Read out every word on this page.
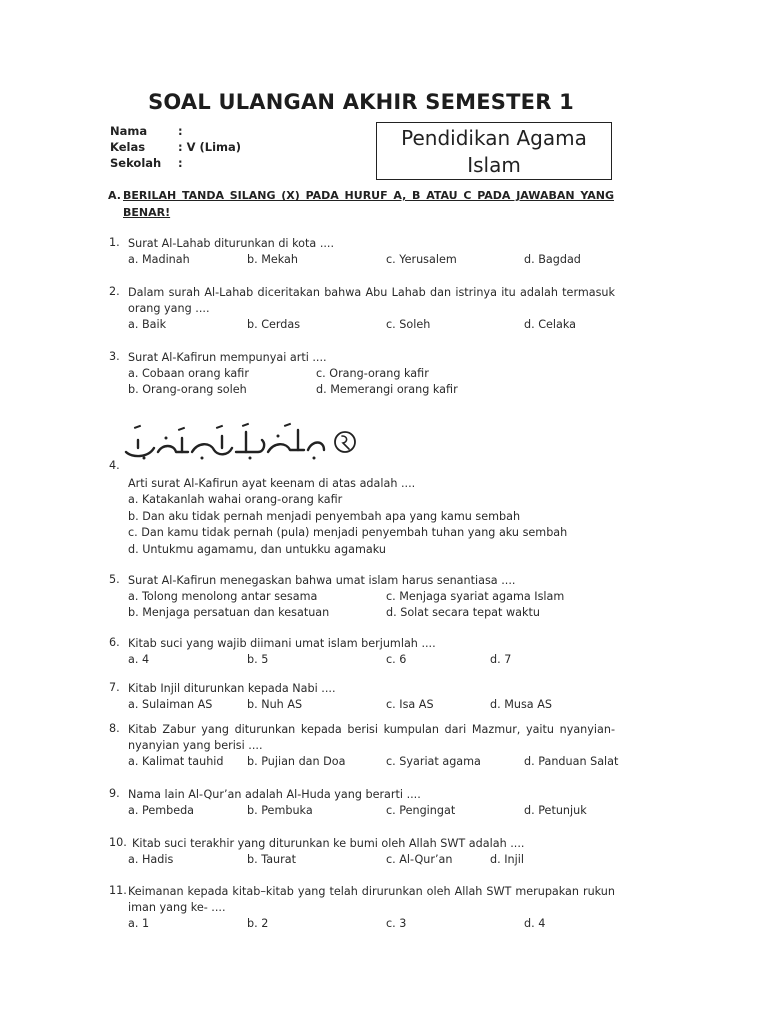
SOAL ULANGAN AKHIR SEMESTER 1
Nama	:
Kelas	: V (Lima)
Sekolah :
Pendidikan Agama
Islam
A. BERILAH TANDA SILANG (X) PADA HURUF A, B ATAU C PADA JAWABAN YANG BENAR!
1. Surat Al-Lahab diturunkan di kota ....
a. Madinah	b. Mekah	c. Yerusalem	d. Bagdad
2. Dalam surah Al-Lahab diceritakan bahwa Abu Lahab dan istrinya itu adalah termasuk orang yang ....
a. Baik	b. Cerdas	c. Soleh	d. Celaka
3. Surat Al-Kafirun mempunyai arti ....
a. Cobaan orang kafir	c. Orang-orang kafir
b. Orang-orang soleh	d. Memerangi orang kafir
4.
Arti surat Al-Kafirun ayat keenam di atas adalah ....
a. Katakanlah wahai orang-orang kafir
b. Dan aku tidak pernah menjadi penyembah apa yang kamu sembah
c. Dan kamu tidak pernah (pula) menjadi penyembah tuhan yang aku sembah
d. Untukmu agamamu, dan untukku agamaku
5. Surat Al-Kafirun menegaskan bahwa umat islam harus senantiasa ....
a. Tolong menolong antar sesama	c. Menjaga syariat agama Islam
b. Menjaga persatuan dan kesatuan	d. Solat secara tepat waktu
6. Kitab suci yang wajib diimani umat islam berjumlah ....
a. 4	b. 5	c. 6	d. 7
7. Kitab Injil diturunkan kepada Nabi ....
a. Sulaiman AS	b. Nuh AS	c. Isa AS	d. Musa AS
8. Kitab Zabur yang diturunkan kepada berisi kumpulan dari Mazmur, yaitu nyanyian-nyanyian yang berisi ....
a. Kalimat tauhid b. Pujian dan Doa	c. Syariat agama	d. Panduan Salat
9. Nama lain Al-Qur’an adalah Al-Huda yang berarti ....
a. Pembeda	b. Pembuka	c. Pengingat	d. Petunjuk
10. Kitab suci terakhir yang diturunkan ke bumi oleh Allah SWT adalah ....
a. Hadis	b. Taurat	c. Al-Qur’an	d. Injil
11. Keimanan kepada kitab–kitab yang telah dirurunkan oleh Allah SWT merupakan rukun iman yang ke- ....
a. 1	b. 2	c. 3	d. 4
